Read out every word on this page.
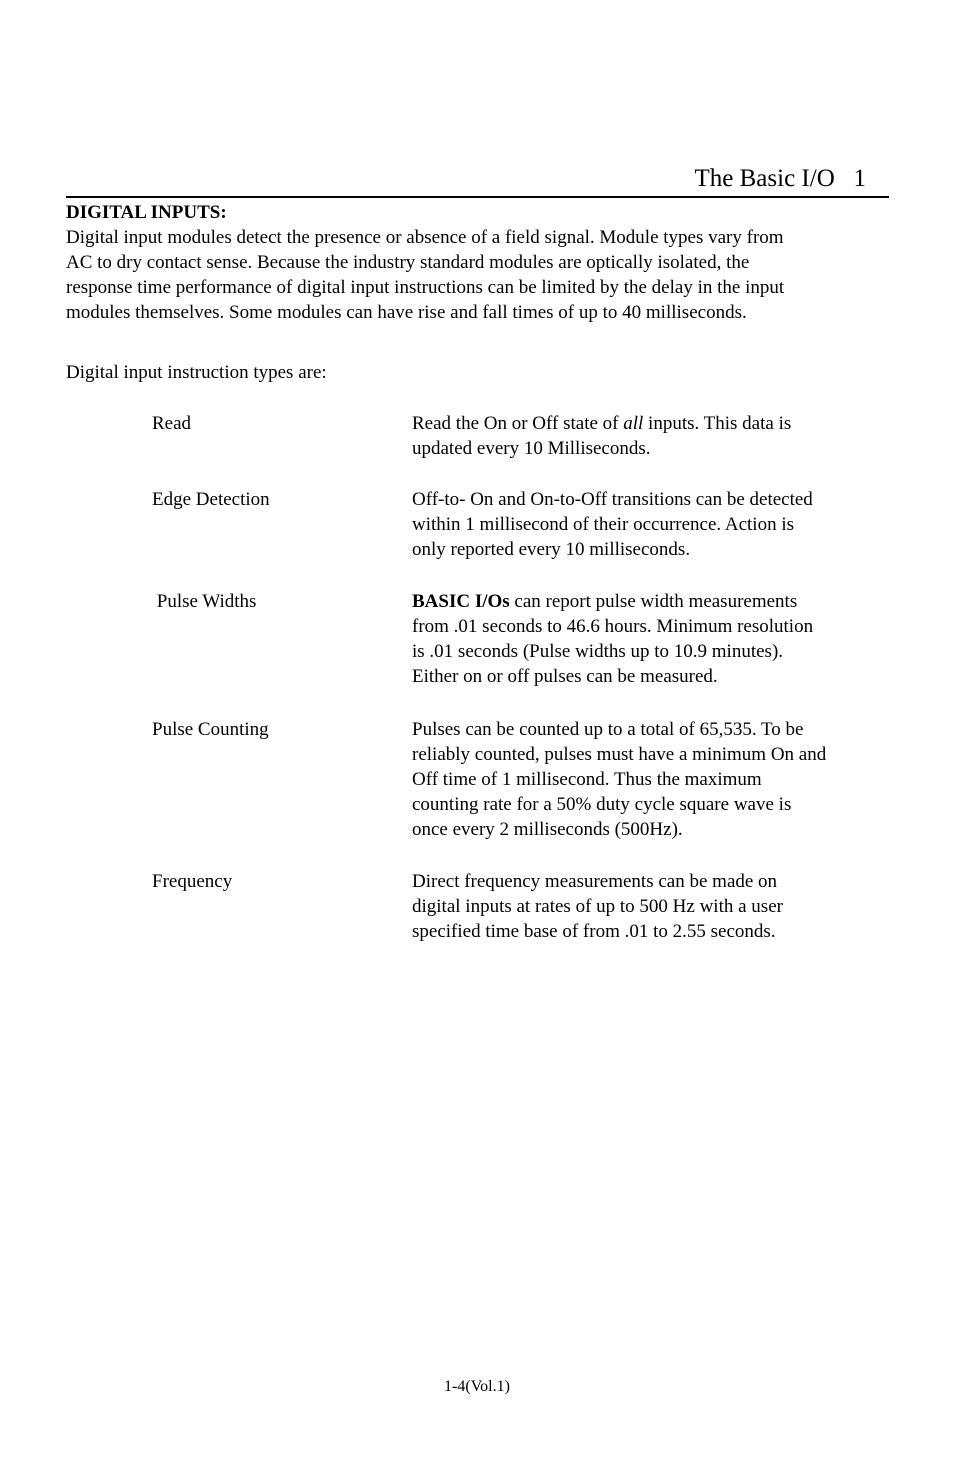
The Basic I/O   1
DIGITAL INPUTS:
Digital input modules detect the presence or absence of a field signal. Module types vary from
AC to dry contact sense. Because the industry standard modules are optically isolated, the
response time performance of digital input instructions can be limited by the delay in the input
modules themselves. Some modules can have rise and fall times of up to 40 milliseconds.
Digital input instruction types are:
Read	Read the On or Off state of all inputs. This data is
updated every 10 Milliseconds.
Edge Detection	Off-to- On and On-to-Off transitions can be detected
within 1 millisecond of their occurrence. Action is
only reported every 10 milliseconds.
Pulse Widths	BASIC I/Os can report pulse width measurements
from .01 seconds to 46.6 hours. Minimum resolution
is .01 seconds (Pulse widths up to 10.9 minutes).
Either on or off pulses can be measured.
Pulse Counting	Pulses can be counted up to a total of 65,535. To be
reliably counted, pulses must have a minimum On and
Off time of 1 millisecond. Thus the maximum
counting rate for a 50% duty cycle square wave is
once every 2 milliseconds (500Hz).
Frequency	Direct frequency measurements can be made on
digital inputs at rates of up to 500 Hz with a user
specified time base of from .01 to 2.55 seconds.
1-4(Vol.1)
